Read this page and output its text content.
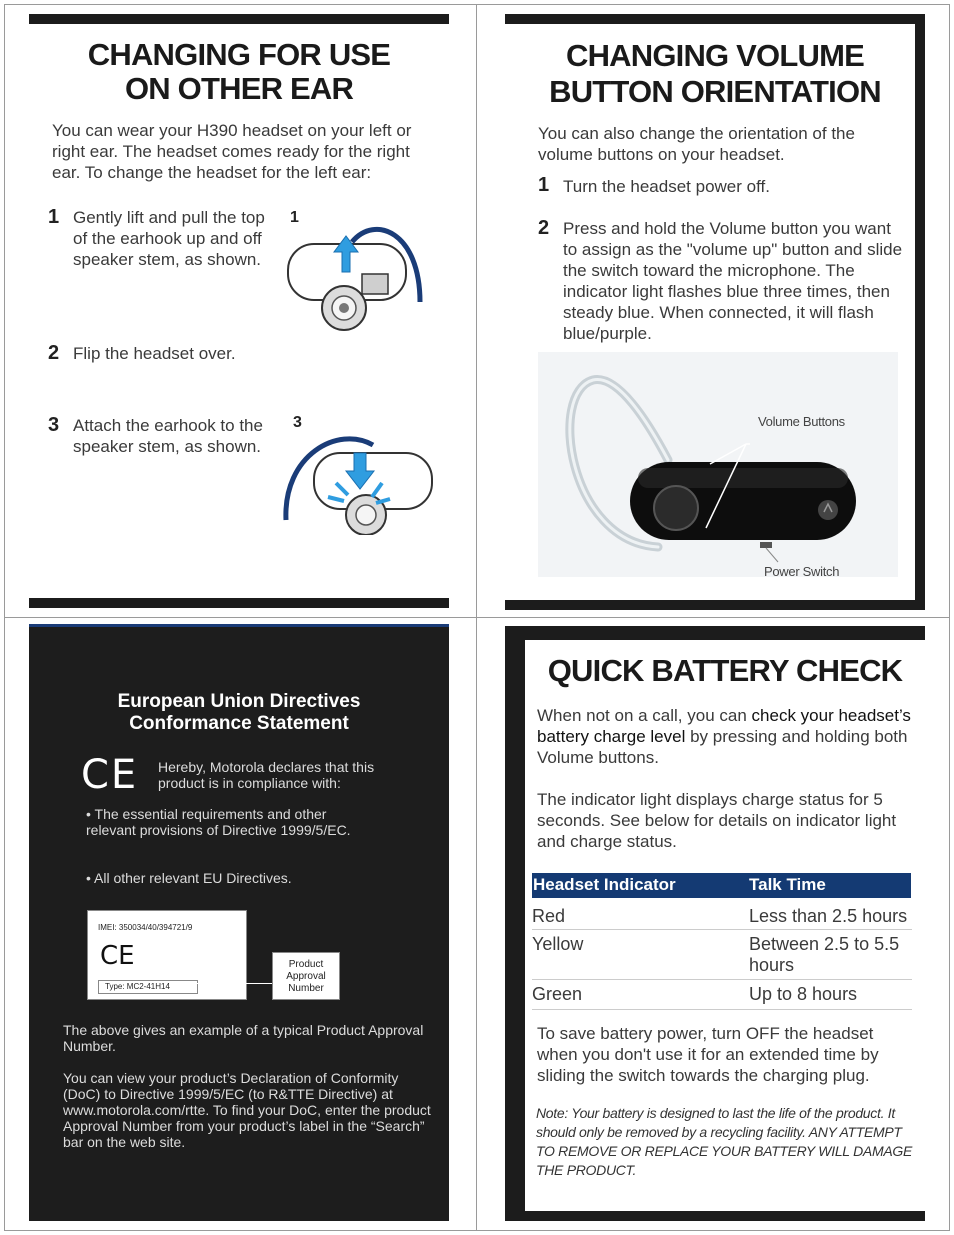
CHANGING FOR USE
ON OTHER EAR

You can wear your H390 headset on your left or right ear. The headset comes ready for the right ear. To change the headset for the left ear:

1 Gently lift and pull the top of the earhook up and off speaker stem, as shown.

2 Flip the headset over.

3 Attach the earhook to the speaker stem, as shown.

1
3
CHANGING VOLUME
BUTTON ORIENTATION

You can also change the orientation of the volume buttons on your headset.

1 Turn the headset power off.

2 Press and hold the Volume button you want to assign as the "volume up" button and slide the switch toward the microphone. The indicator light flashes blue three times, then steady blue. When connected, it will flash blue/purple.

Volume Buttons
Power Switch
European Union Directives
Conformance Statement
CE Hereby, Motorola declares that this product is in compliance with:
• The essential requirements and other relevant provisions of Directive 1999/5/EC.
• All other relevant EU Directives.
IMEI: 350034/40/394721/9
CE
Type: MC2-41H14
Product Approval Number
The above gives an example of a typical Product Approval Number.
You can view your product’s Declaration of Conformity (DoC) to Directive 1999/5/EC (to R&TTE Directive) at www.motorola.com/rtte. To find your DoC, enter the product Approval Number from your product’s label in the “Search” bar on the web site.
QUICK BATTERY CHECK

When not on a call, you can check your headset’s battery charge level by pressing and holding both Volume buttons.

The indicator light displays charge status for 5 seconds. See below for details on indicator light and charge status.

Headset Indicator	Talk Time
Red	Less than 2.5 hours
Yellow	Between 2.5 to 5.5 hours
Green	Up to 8 hours

To save battery power, turn OFF the headset when you don't use it for an extended time by sliding the switch towards the charging plug.

Note: Your battery is designed to last the life of the product. It should only be removed by a recycling facility. ANY ATTEMPT TO REMOVE OR REPLACE YOUR BATTERY WILL DAMAGE THE PRODUCT.
